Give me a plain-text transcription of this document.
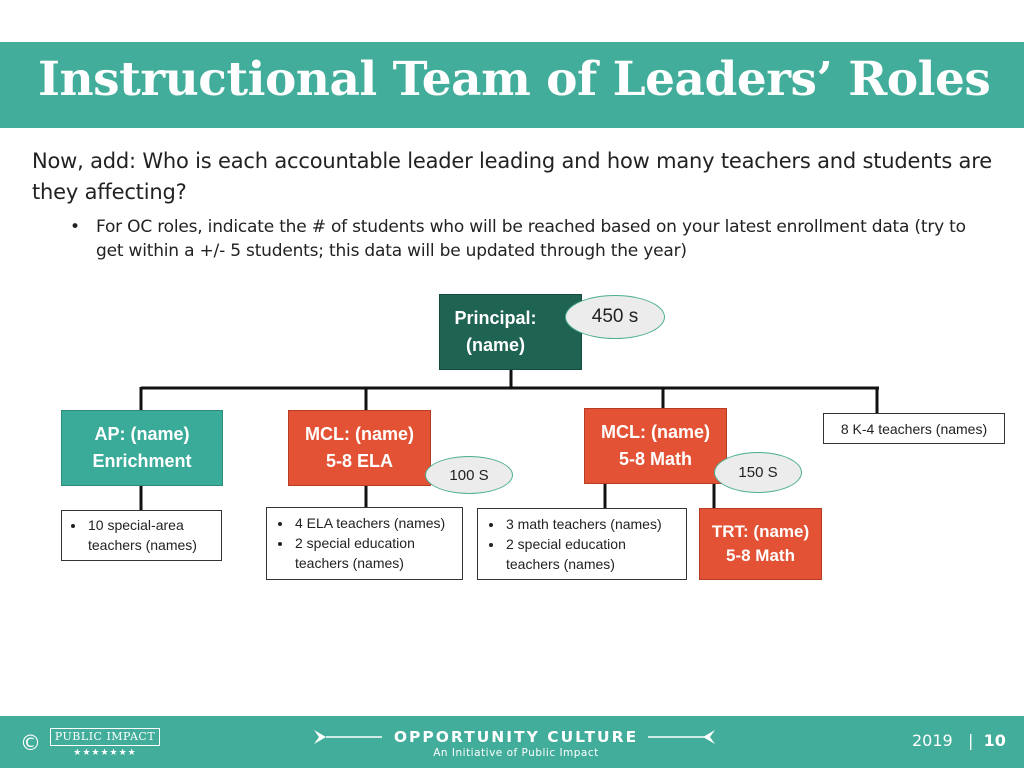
Instructional Team of Leaders’ Roles
Now, add: Who is each accountable leader leading and how many teachers and students are they affecting?
• For OC roles, indicate the # of students who will be reached based on your latest enrollment data (try to get within a +/- 5 students; this data will be updated through the year)
Principal:
(name)
450 s
AP: (name)
Enrichment
MCL: (name)
5-8 ELA
100 S
MCL: (name)
5-8 Math
150 S
8 K-4 teachers (names)
• 10 special-area teachers (names)
• 4 ELA teachers (names)
• 2 special education teachers (names)
• 3 math teachers (names)
• 2 special education teachers (names)
TRT: (name)
5-8 Math
©	PUBLIC IMPACT
★★★★★★★
OPPORTUNITY CULTURE
An Initiative of Public Impact
2019   |  10
